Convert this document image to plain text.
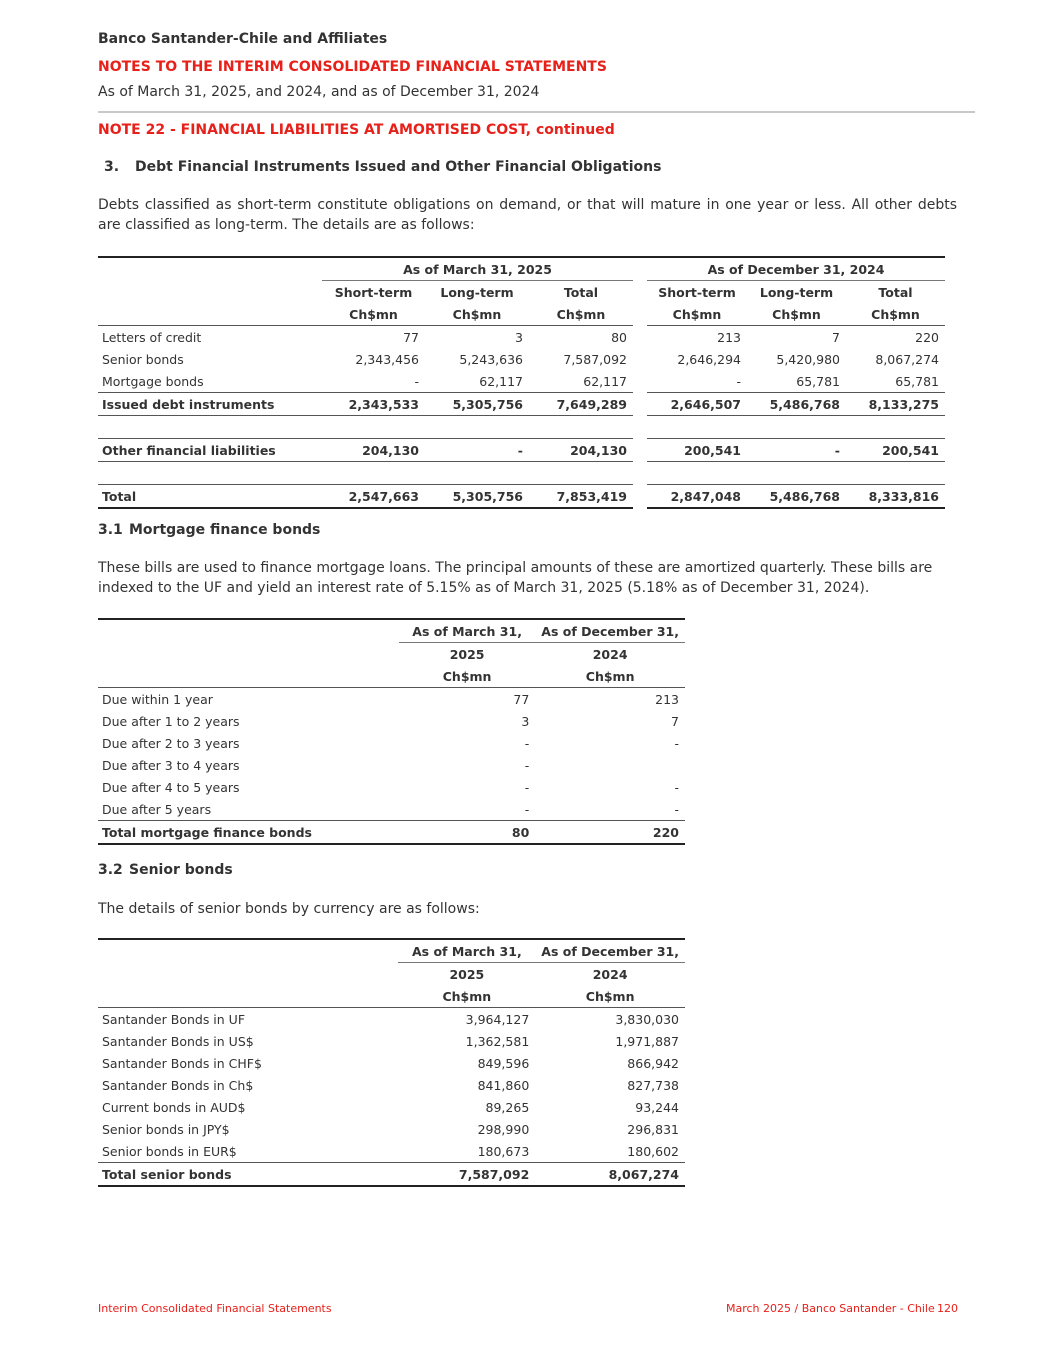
Banco Santander-Chile and Affiliates
NOTES TO THE INTERIM CONSOLIDATED FINANCIAL STATEMENTS
As of March 31, 2025, and 2024, and as of December 31, 2024
NOTE 22 - FINANCIAL LIABILITIES AT AMORTISED COST, continued
3. Debt Financial Instruments Issued and Other Financial Obligations
Debts classified as short-term constitute obligations on demand, or that will mature in one year or less. All other debts are classified as long-term. The details are as follows:
	As of March 31, 2025				As of December 31, 2024		
	Short-term	Long-term	Total		Short-term	Long-term	Total
	Ch$mn	Ch$mn	Ch$mn		Ch$mn	Ch$mn	Ch$mn
Letters of credit	77	3	80		213	7	220
Senior bonds	2,343,456	5,243,636	7,587,092		2,646,294	5,420,980	8,067,274
Mortgage bonds	-	62,117	62,117		-	65,781	65,781
Issued debt instruments	2,343,533	5,305,756	7,649,289		2,646,507	5,486,768	8,133,275

Other financial liabilities	204,130	-	204,130		200,541	-	200,541

Total	2,547,663	5,305,756	7,853,419		2,847,048	5,486,768	8,333,816
3.1 Mortgage finance bonds
These bills are used to finance mortgage loans. The principal amounts of these are amortized quarterly. These bills are indexed to the UF and yield an interest rate of 5.15% as of March 31, 2025 (5.18% as of December 31, 2024).
	As of March 31,	As of December 31,
	2025	2024
	Ch$mn	Ch$mn
Due within 1 year	77	213
Due after 1 to 2 years	3	7
Due after 2 to 3 years	-	-
Due after 3 to 4 years	-	
Due after 4 to 5 years	-	-
Due after 5 years	-	-
Total mortgage finance bonds	80	220
3.2 Senior bonds
The details of senior bonds by currency are as follows:
	As of March 31,	As of December 31,
	2025	2024
	Ch$mn	Ch$mn
Santander Bonds in UF	3,964,127	3,830,030
Santander Bonds in US$	1,362,581	1,971,887
Santander Bonds in CHF$	849,596	866,942
Santander Bonds in Ch$	841,860	827,738
Current bonds in AUD$	89,265	93,244
Senior bonds in JPY$	298,990	296,831
Senior bonds in EUR$	180,673	180,602
Total senior bonds	7,587,092	8,067,274
Interim Consolidated Financial Statements	March 2025 / Banco Santander - Chile 120
